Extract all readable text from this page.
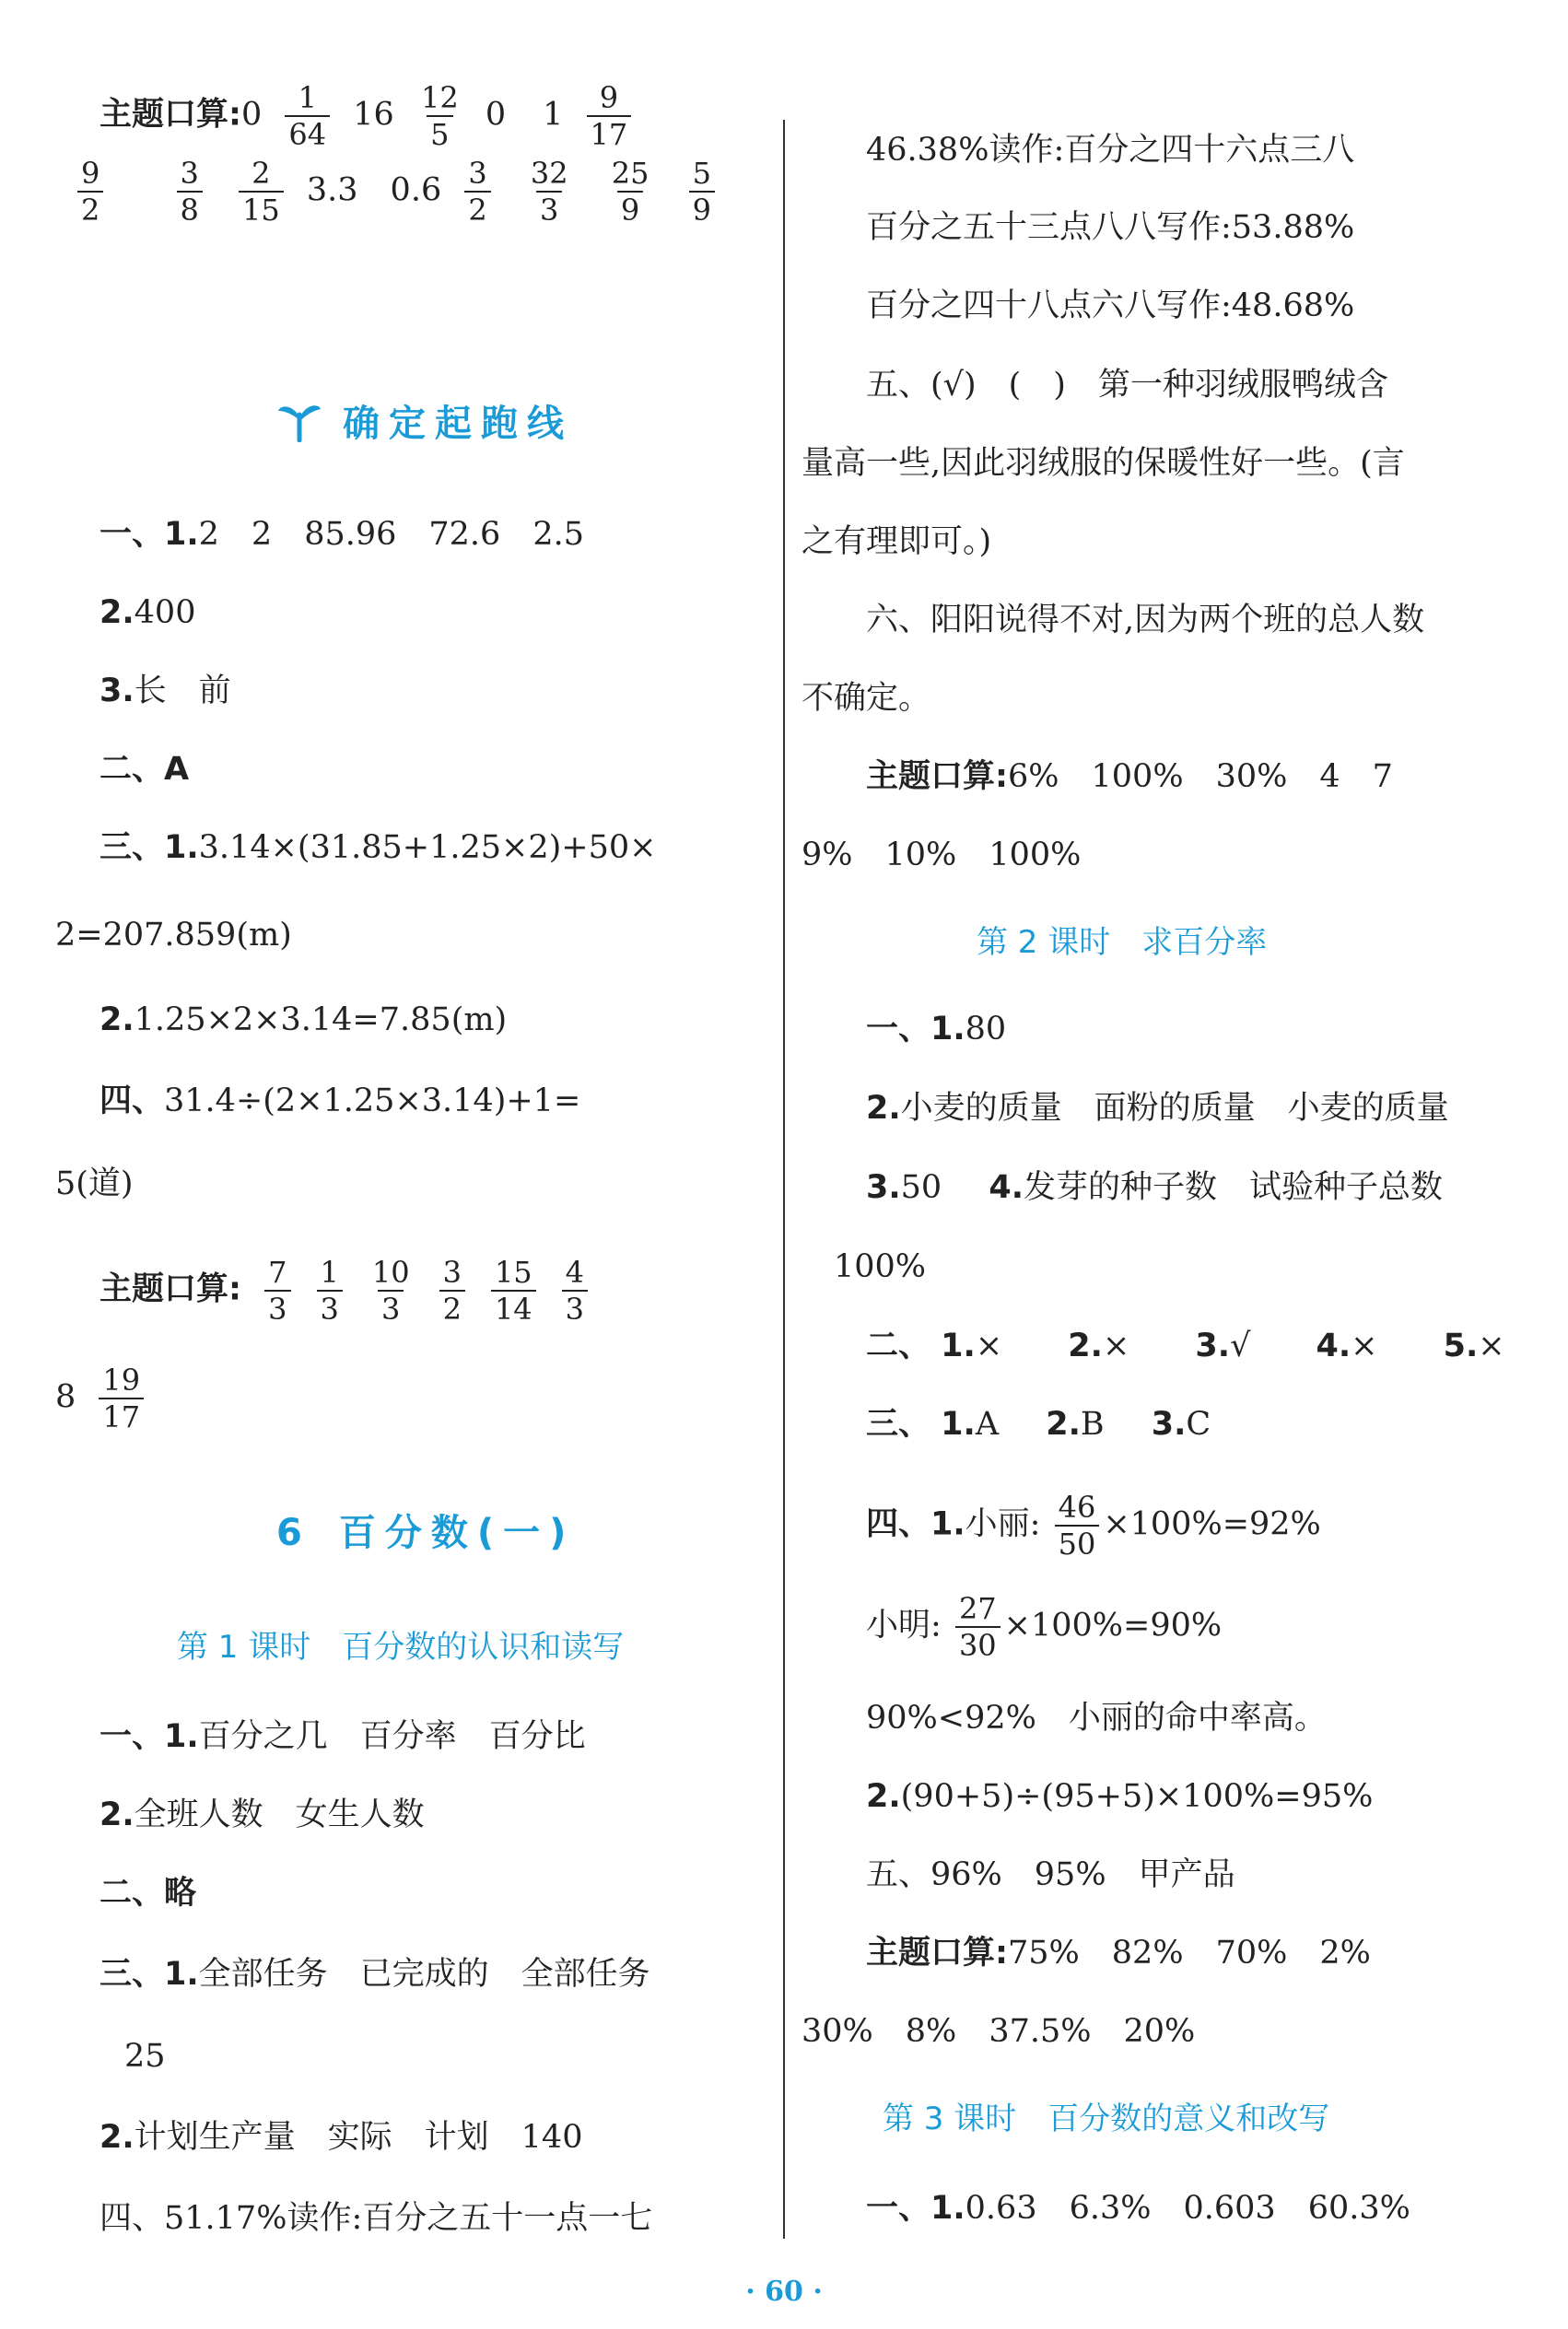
主题口算:0 $\frac{1}{64} 16 \frac{12}{5} 0$ $1 \frac{9}{17}$
$\frac{9}{2}$
$\frac{3}{8}$
$\frac{2}{15} 3.3$　 $0.6 \frac{3}{2}$
$\frac{32}{3}$
$\frac{25}{9}$
$\frac{5}{9}$
确定起跑线
一、1.2　2　85.96　72.6　2.5
2.400
3.长　前
二、A
三、1.3.14×(31.85+1.25×2)+50×
2=207.859(m)
2.1.25×2×3.14=7.85(m)
四、31.4÷(2×1.25×3.14)+1=
5(道)
主题口算: $\frac{7}{3} \frac{1}{3} \frac{10}{3} \frac{3}{2} \frac{15}{14} \frac{4}{3}$
$8 \frac{19}{17}$
6 百分数(一)
第 1 课时　百分数的认识和读写
一、1.百分之几　百分率　百分比
2.全班人数　女生人数
二、略
三、1.全部任务　已完成的　全部任务
25
2.计划生产量　实际　计划　140
四、51.17%读作:百分之五十一点一七
46.38%读作:百分之四十六点三八
百分之五十三点八八写作:53.88%
百分之四十八点六八写作:48.68%
五、(√)　(　)　第一种羽绒服鸭绒含
量高一些,因此羽绒服的保暖性好一些。(言
之有理即可。)
六、阳阳说得不对,因为两个班的总人数
不确定。
主题口算:6%　100%　30%　4　7
9%　10%　100%
第 2 课时　求百分率
一、1.80
2.小麦的质量　面粉的质量　小麦的质量
3.50 4.发芽的种子数　试验种子总数
100%
二、 1.× 2.× 3.√ 4.× 5.×
三、 1.A 2.B 3.C
四、1.小丽: $\frac{46}{50} \times 100\%=92\%$
小明: $\frac{27}{30} \times 100\%=90\%$
90%<92%　小丽的命中率高。
2.(90+5)÷(95+5)×100%=95%
五、96%　95%　甲产品
主题口算:75%　82%　70%　2%
30%　8%　37.5%　20%
第 3 课时　百分数的意义和改写
一、1.0.63　6.3%　0.603　60.3%
· 60 ·
